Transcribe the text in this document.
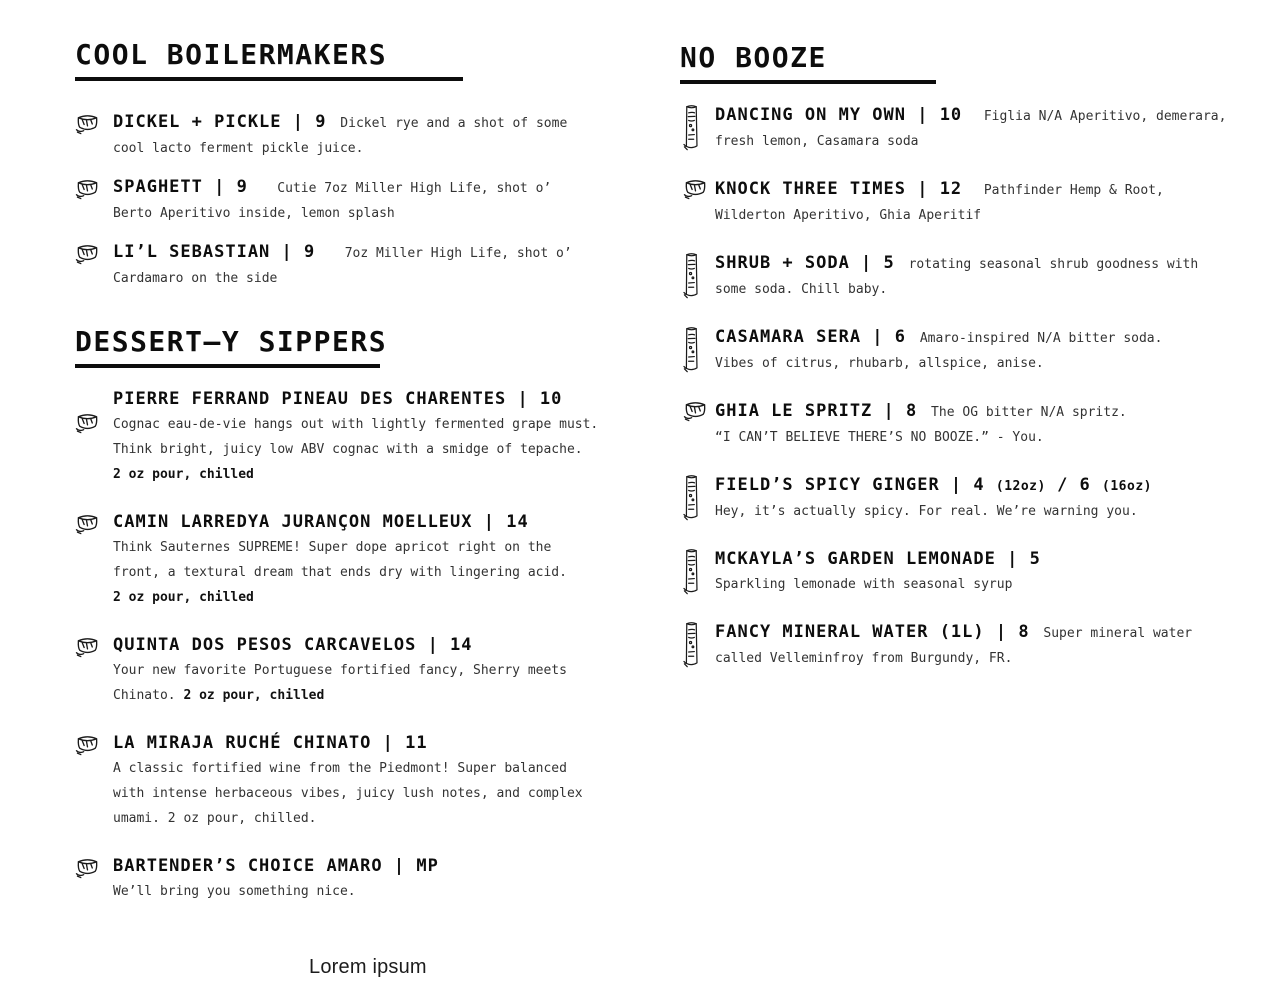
COOL BOILERMAKERS
DICKEL + PICKLE | 9 Dickel rye and a shot of some
cool lacto ferment pickle juice.
SPAGHETT | 9   Cutie 7oz Miller High Life, shot o’
Berto Aperitivo inside, lemon splash
LI’L SEBASTIAN | 9   7oz Miller High Life, shot o’
Cardamaro on the side
DESSERT–Y SIPPERS
PIERRE FERRAND PINEAU DES CHARENTES | 10
Cognac eau-de-vie hangs out with lightly fermented grape must.
Think bright, juicy low ABV cognac with a smidge of tepache.
2 oz pour, chilled
CAMIN LARREDYA JURANÇON MOELLEUX | 14
Think Sauternes SUPREME! Super dope apricot right on the
front, a textural dream that ends dry with lingering acid.
2 oz pour, chilled
QUINTA DOS PESOS CARCAVELOS | 14
Your new favorite Portuguese fortified fancy, Sherry meets
Chinato. 2 oz pour, chilled
LA MIRAJA RUCHÉ CHINATO | 11
A classic fortified wine from the Piedmont! Super balanced
with intense herbaceous vibes, juicy lush notes, and complex
umami. 2 oz pour, chilled.
BARTENDER’S CHOICE AMARO | MP
We’ll bring you something nice.
NO BOOZE
DANCING ON MY OWN | 10  Figlia N/A Aperitivo, demerara,
fresh lemon, Casamara soda
KNOCK THREE TIMES | 12  Pathfinder Hemp & Root,
Wilderton Aperitivo, Ghia Aperitif
SHRUB + SODA | 5 rotating seasonal shrub goodness with
some soda. Chill baby.
CASAMARA SERA | 6 Amaro-inspired N/A bitter soda.
Vibes of citrus, rhubarb, allspice, anise.
GHIA LE SPRITZ | 8 The OG bitter N/A spritz.
“I CAN’T BELIEVE THERE’S NO BOOZE.” - You.
FIELD’S SPICY GINGER | 4 (12oz) / 6 (16oz)
Hey, it’s actually spicy. For real. We’re warning you.
MCKAYLA’S GARDEN LEMONADE | 5
Sparkling lemonade with seasonal syrup
FANCY MINERAL WATER (1L) | 8 Super mineral water
called Velleminfroy from Burgundy, FR.
Lorem ipsum
